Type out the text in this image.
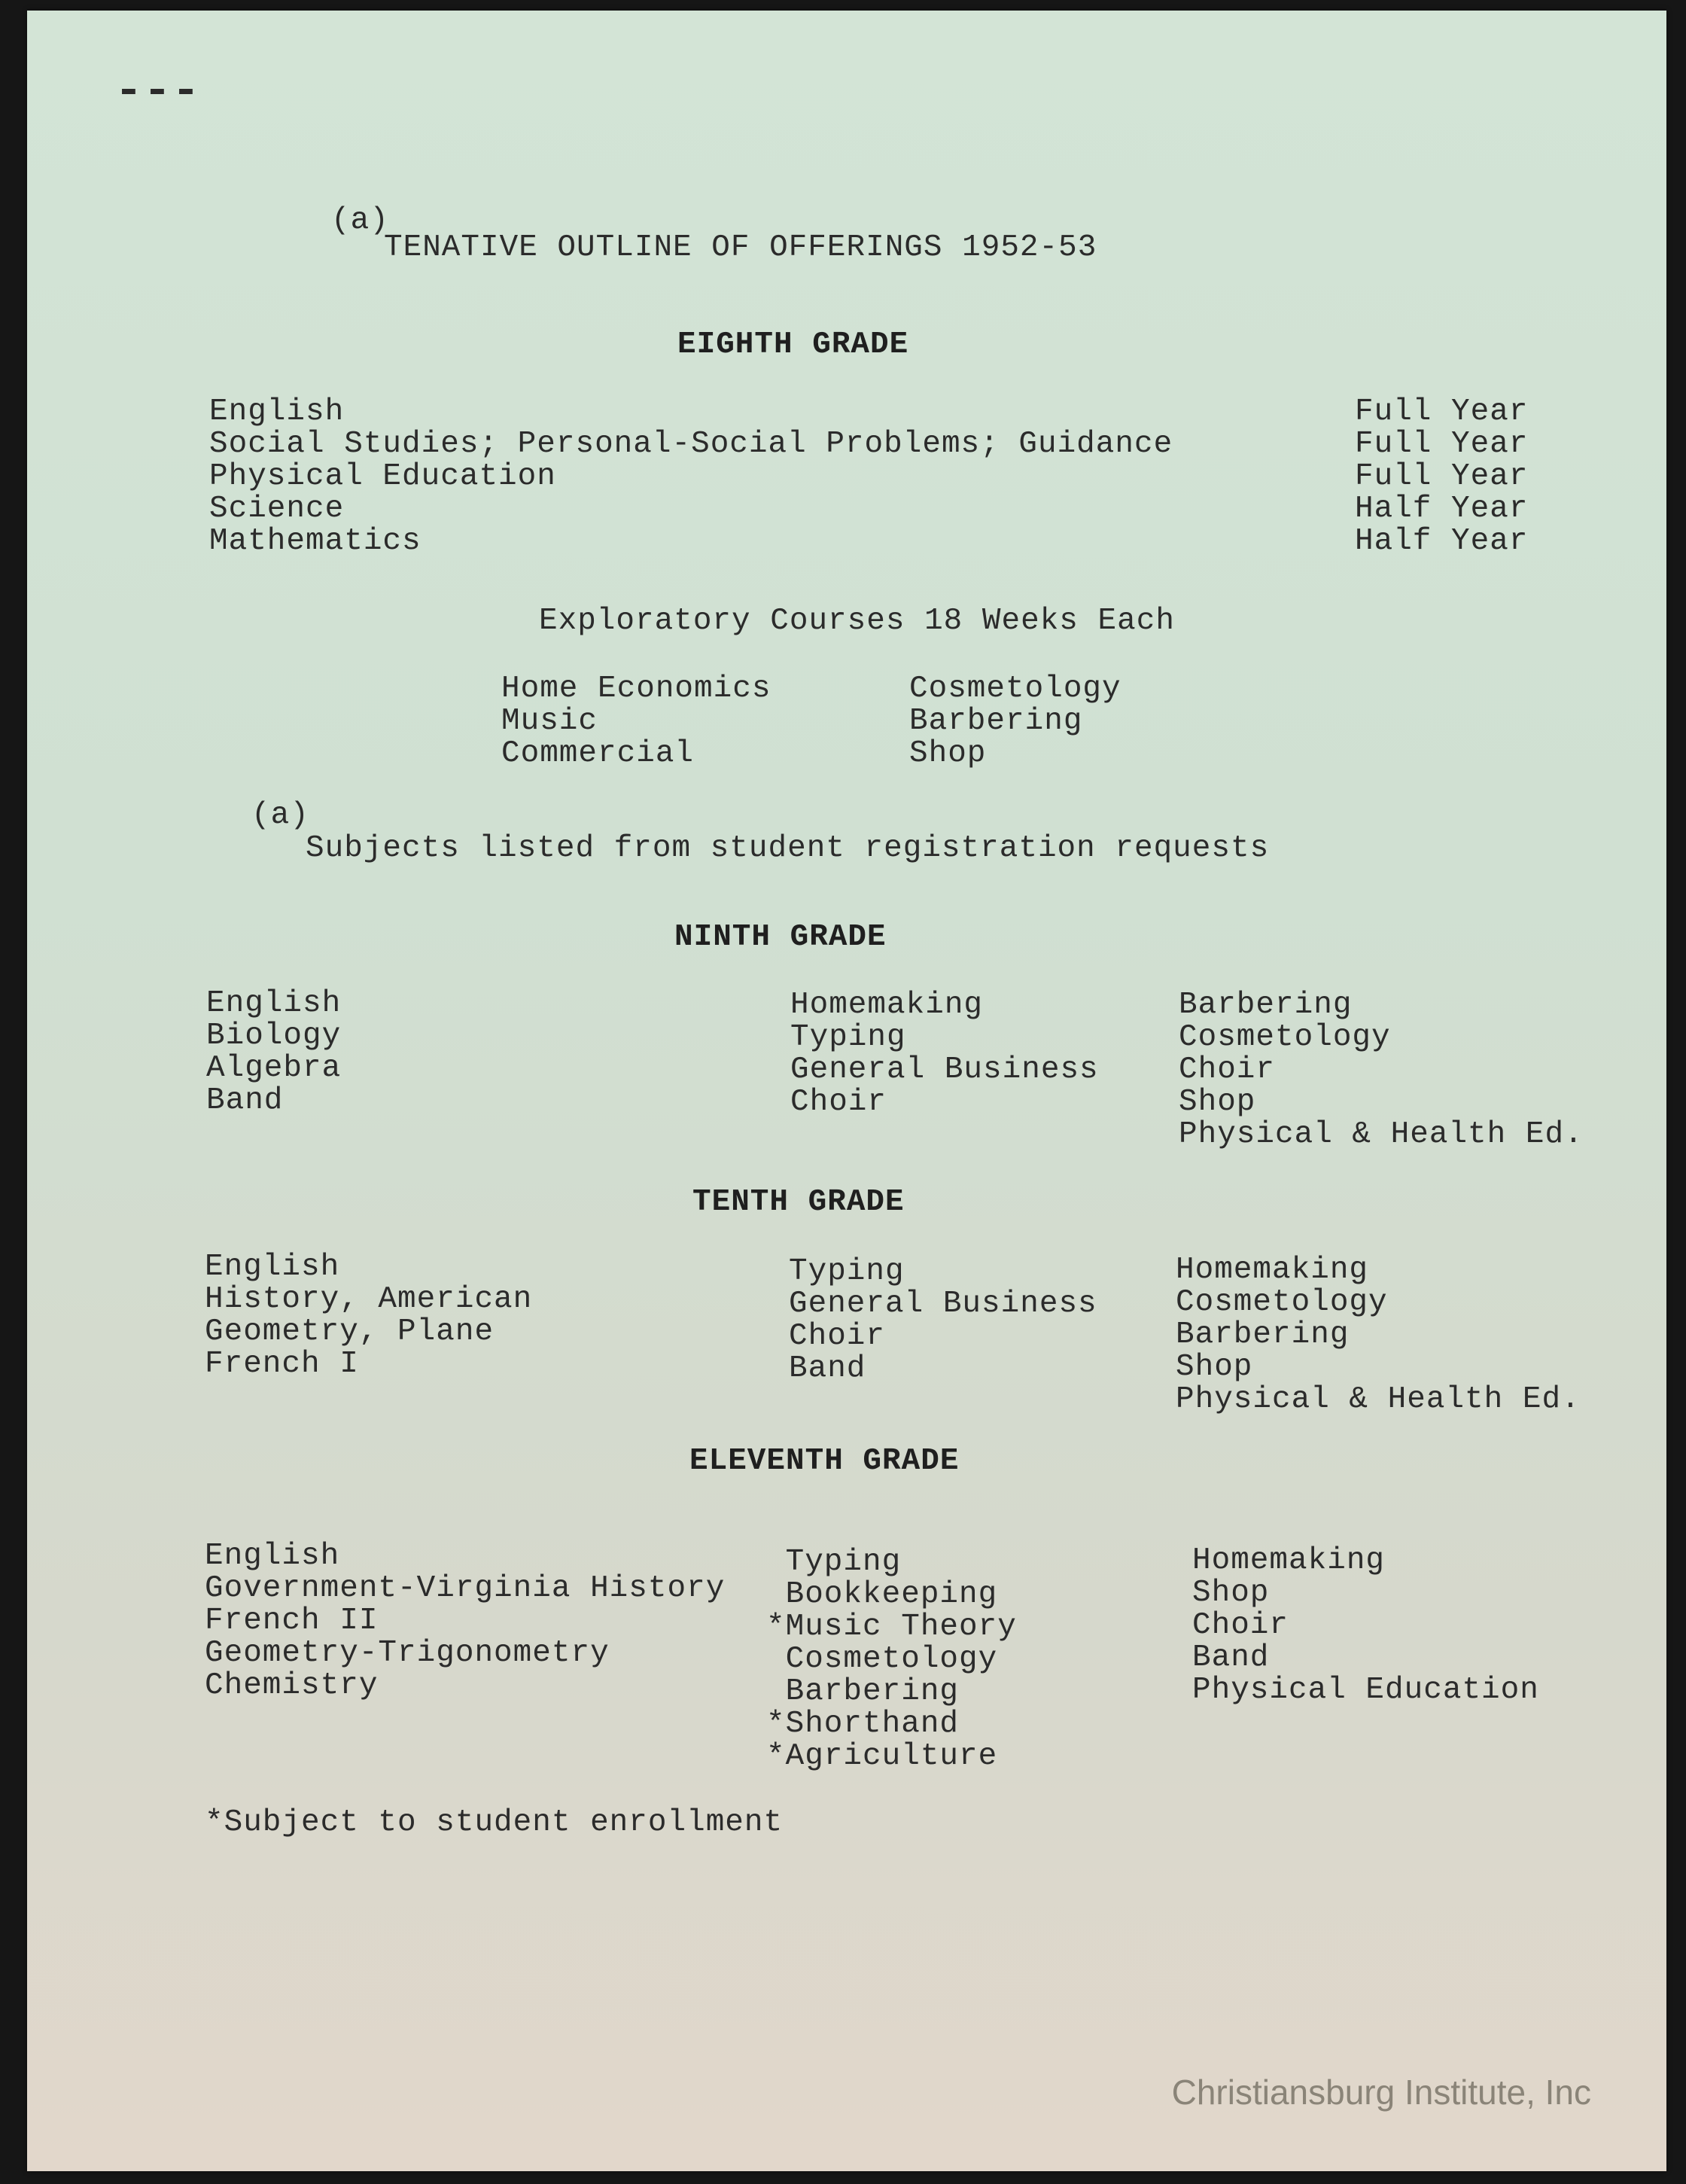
▬ ▬ ▬

(a)

TENATIVE OUTLINE OF OFFERINGS 1952-53

EIGHTH GRADE

English

Social Studies; Personal-Social Problems; Guidance

Physical Education

Science

Mathematics

Full Year

Full Year

Full Year

Half Year

Half Year

Exploratory Courses 18 Weeks Each

Home Economics

Music

Commercial

Cosmetology

Barbering

Shop

(a)

Subjects listed from student registration requests

NINTH GRADE

English

Biology

Algebra

Band

Homemaking

Typing

General Business

Choir

Barbering

Cosmetology

Choir

Shop

Physical & Health Ed.

TENTH GRADE

English

History, American

Geometry, Plane

French I

Typing

General Business

Choir

Band

Homemaking

Cosmetology

Barbering

Shop

Physical & Health Ed.

ELEVENTH GRADE

English

Government-Virginia History

French II

Geometry-Trigonometry

Chemistry

Typing

Bookkeeping

*Music Theory

Cosmetology

Barbering

*Shorthand

*Agriculture

Homemaking

Shop

Choir

Band

Physical Education

*Subject to student enrollment

Christiansburg Institute, Inc
